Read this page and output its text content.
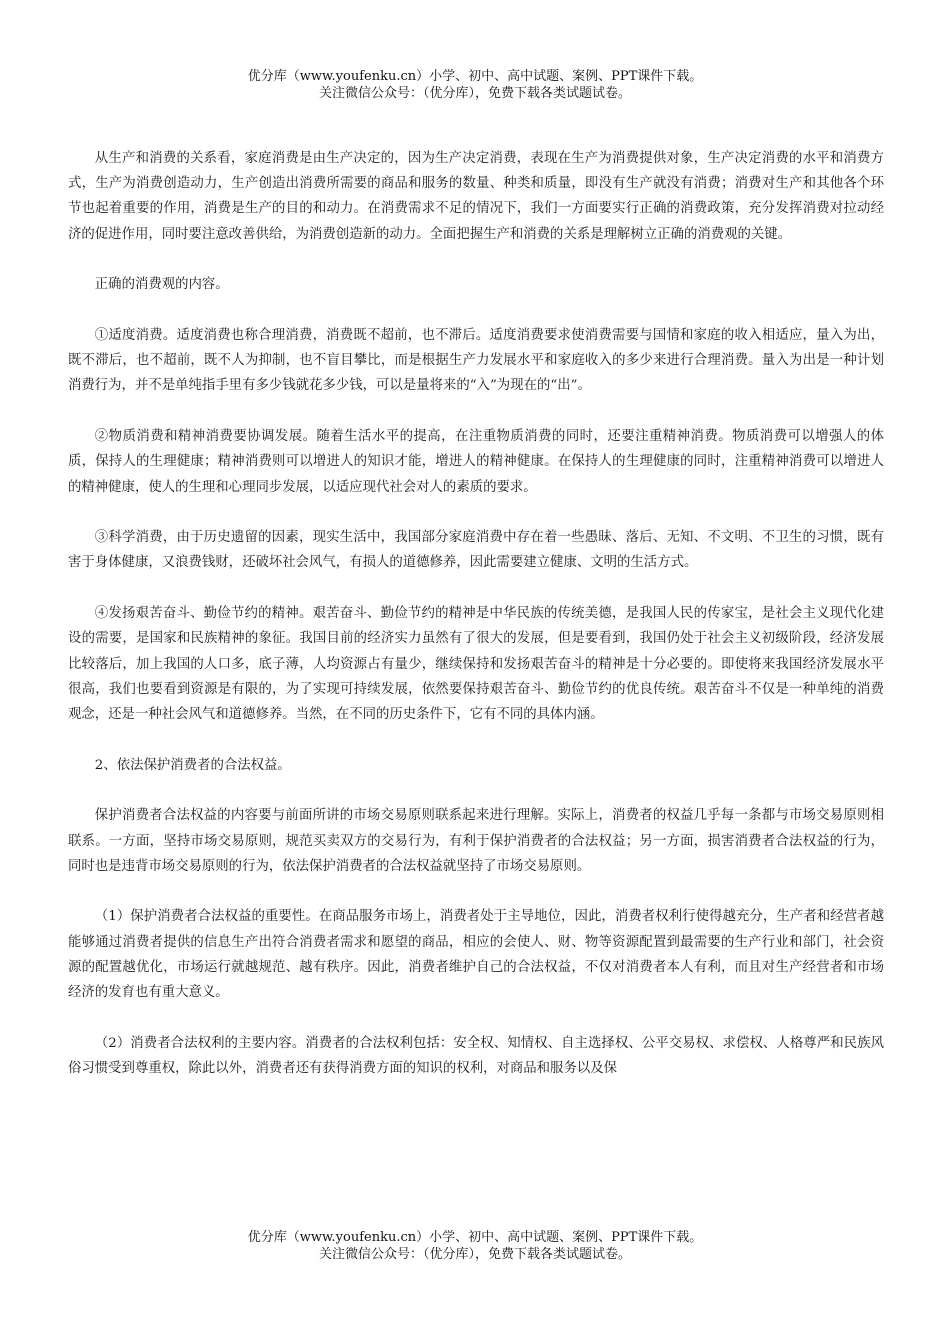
优分库（www.youfenku.cn）小学、初中、高中试题、案例、PPT课件下载。
关注微信公众号：（优分库），免费下载各类试题试卷。

从生产和消费的关系看，家庭消费是由生产决定的，因为生产决定消费，表现在生产为消费提供对象，生产决定消费的水平和消费方式，生产为消费创造动力，生产创造出消费所需要的商品和服务的数量、种类和质量，即没有生产就没有消费；消费对生产和其他各个环节也起着重要的作用，消费是生产的目的和动力。在消费需求不足的情况下，我们一方面要实行正确的消费政策，充分发挥消费对拉动经济的促进作用，同时要注意改善供给，为消费创造新的动力。全面把握生产和消费的关系是理解树立正确的消费观的关键。

正确的消费观的内容。

①适度消费。适度消费也称合理消费，消费既不超前，也不滞后。适度消费要求使消费需要与国情和家庭的收入相适应，量入为出，既不滞后，也不超前，既不人为抑制，也不盲目攀比，而是根据生产力发展水平和家庭收入的多少来进行合理消费。量入为出是一种计划消费行为，并不是单纯指手里有多少钱就花多少钱，可以是量将来的“入”为现在的“出”。

②物质消费和精神消费要协调发展。随着生活水平的提高，在注重物质消费的同时，还要注重精神消费。物质消费可以增强人的体质，保持人的生理健康；精神消费则可以增进人的知识才能，增进人的精神健康。在保持人的生理健康的同时，注重精神消费可以增进人的精神健康，使人的生理和心理同步发展，以适应现代社会对人的素质的要求。

③科学消费，由于历史遗留的因素，现实生活中，我国部分家庭消费中存在着一些愚昧、落后、无知、不文明、不卫生的习惯，既有害于身体健康，又浪费钱财，还破坏社会风气，有损人的道德修养，因此需要建立健康、文明的生活方式。

④发扬艰苦奋斗、勤俭节约的精神。艰苦奋斗、勤俭节约的精神是中华民族的传统美德，是我国人民的传家宝，是社会主义现代化建设的需要，是国家和民族精神的象征。我国目前的经济实力虽然有了很大的发展，但是要看到，我国仍处于社会主义初级阶段，经济发展比较落后，加上我国的人口多，底子薄，人均资源占有量少，继续保持和发扬艰苦奋斗的精神是十分必要的。即使将来我国经济发展水平很高，我们也要看到资源是有限的，为了实现可持续发展，依然要保持艰苦奋斗、勤俭节约的优良传统。艰苦奋斗不仅是一种单纯的消费观念，还是一种社会风气和道德修养。当然，在不同的历史条件下，它有不同的具体内涵。

2、依法保护消费者的合法权益。

保护消费者合法权益的内容要与前面所讲的市场交易原则联系起来进行理解。实际上，消费者的权益几乎每一条都与市场交易原则相联系。一方面，坚持市场交易原则，规范买卖双方的交易行为，有利于保护消费者的合法权益；另一方面，损害消费者合法权益的行为，同时也是违背市场交易原则的行为，依法保护消费者的合法权益就坚持了市场交易原则。

（1）保护消费者合法权益的重要性。在商品服务市场上，消费者处于主导地位，因此，消费者权利行使得越充分，生产者和经营者越能够通过消费者提供的信息生产出符合消费者需求和愿望的商品，相应的会使人、财、物等资源配置到最需要的生产行业和部门，社会资源的配置越优化，市场运行就越规范、越有秩序。因此，消费者维护自己的合法权益，不仅对消费者本人有利，而且对生产经营者和市场经济的发育也有重大意义。

（2）消费者合法权利的主要内容。消费者的合法权利包括：安全权、知情权、自主选择权、公平交易权、求偿权、人格尊严和民族风俗习惯受到尊重权，除此以外，消费者还有获得消费方面的知识的权利，对商品和服务以及保

优分库（www.youfenku.cn）小学、初中、高中试题、案例、PPT课件下载。
关注微信公众号：（优分库），免费下载各类试题试卷。
